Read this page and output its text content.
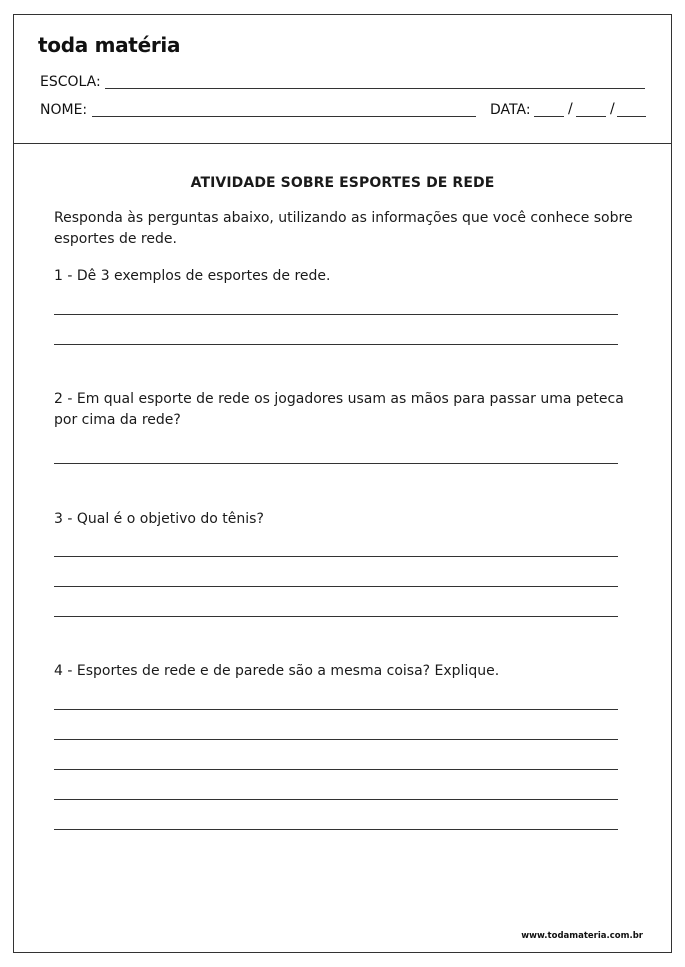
toda matéria
ESCOLA:
NOME:	DATA:	/	/
ATIVIDADE SOBRE ESPORTES DE REDE
Responda às perguntas abaixo, utilizando as informações que você conhece sobre esportes de rede.
1 - Dê 3 exemplos de esportes de rede.
2 - Em qual esporte de rede os jogadores usam as mãos para passar uma peteca por cima da rede?
3 - Qual é o objetivo do tênis?
4 - Esportes de rede e de parede são a mesma coisa? Explique.
www.todamateria.com.br
